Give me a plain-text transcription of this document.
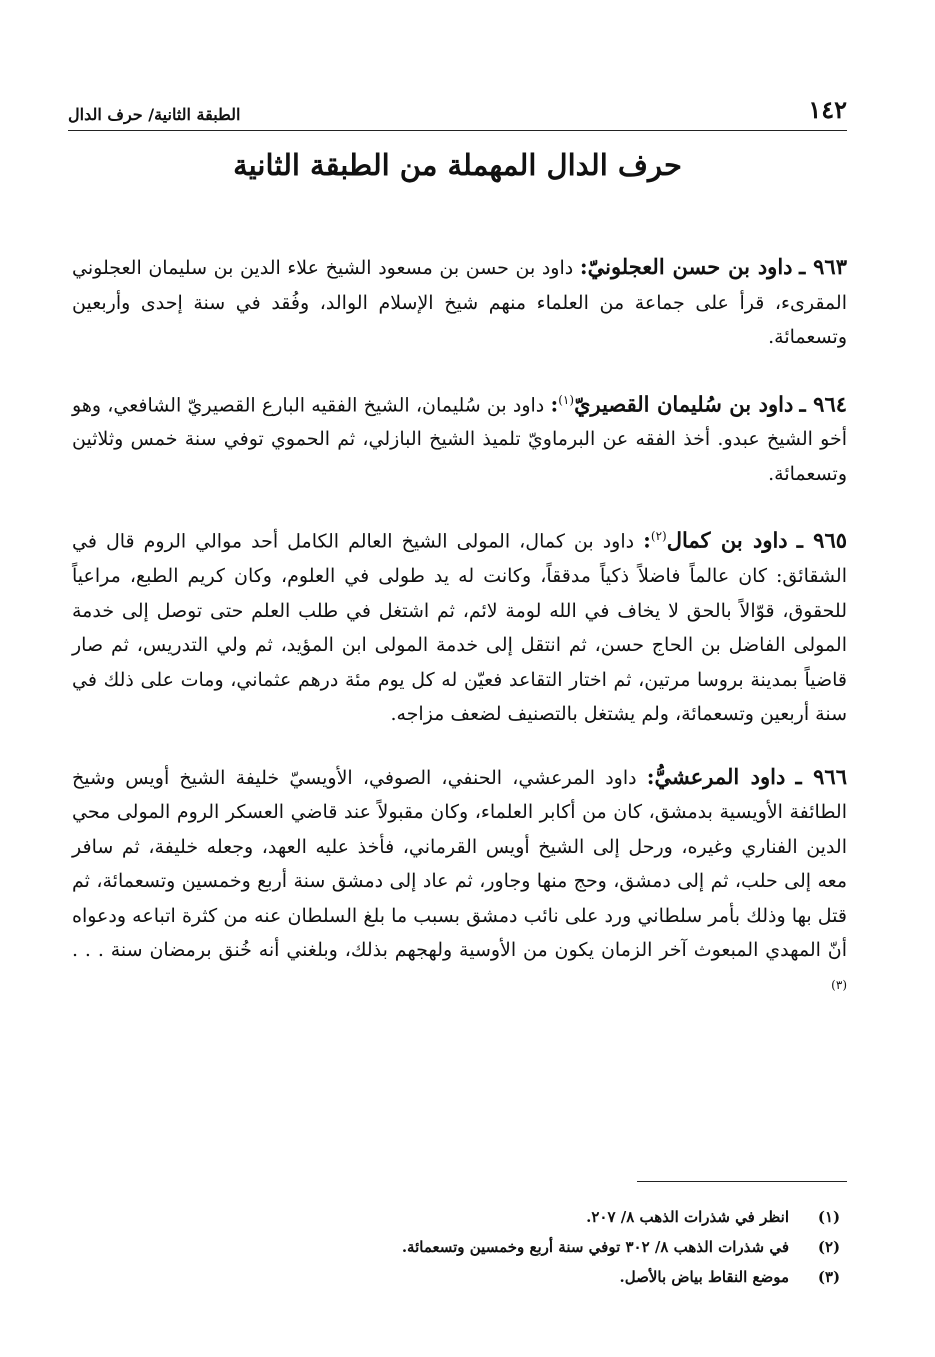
١٤٢
الطبقة الثانية/ حرف الدال
حرف الدال المهملة من الطبقة الثانية

٩٦٣ ـ داود بن حسن العجلونيّ: داود بن حسن بن مسعود الشيخ علاء الدين بن سليمان العجلوني المقرىء، قرأ على جماعة من العلماء منهم شيخ الإسلام الوالد، وفُقد في سنة إحدى وأربعين وتسعمائة.

٩٦٤ ـ داود بن سُليمان القصيريّ$^{(١)}$: داود بن سُليمان، الشيخ الفقيه البارع القصيريّ الشافعي، وهو أخو الشيخ عبدو. أخذ الفقه عن البرماويّ تلميذ الشيخ البازلي، ثم الحموي توفي سنة خمس وثلاثين وتسعمائة.

٩٦٥ ـ داود بن كمال$^{(٢)}$: داود بن كمال، المولى الشيخ العالم الكامل أحد موالي الروم قال في الشقائق: كان عالماً فاضلاً ذكياً مدققاً، وكانت له يد طولى في العلوم، وكان كريم الطبع، مراعياً للحقوق، قوّالاً بالحق لا يخاف في الله لومة لائم، ثم اشتغل في طلب العلم حتى توصل إلى خدمة المولى الفاضل بن الحاج حسن، ثم انتقل إلى خدمة المولى ابن المؤيد، ثم ولي التدريس، ثم صار قاضياً بمدينة بروسا مرتين، ثم اختار التقاعد فعيّن له كل يوم مئة درهم عثماني، ومات على ذلك في سنة أربعين وتسعمائة، ولم يشتغل بالتصنيف لضعف مزاجه.

٩٦٦ ـ داود المرعشيُّ: داود المرعشي، الحنفي، الصوفي، الأويسيّ خليفة الشيخ أويس وشيخ الطائفة الأويسية بدمشق، كان من أكابر العلماء، وكان مقبولاً عند قاضي العسكر الروم المولى محي الدين الفناري وغيره، ورحل إلى الشيخ أويس القرماني، فأخذ عليه العهد، وجعله خليفة، ثم سافر معه إلى حلب، ثم إلى دمشق، وحج منها وجاور، ثم عاد إلى دمشق سنة أربع وخمسين وتسعمائة، ثم قتل بها وذلك بأمر سلطاني ورد على نائب دمشق بسبب ما بلغ السلطان عنه من كثرة اتباعه ودعواه أنّ المهدي المبعوث آخر الزمان يكون من الأوسية ولهجهم بذلك، وبلغني أنه خُنق برمضان سنة . . .$^{(٣)}$

(١)
انظر في شذرات الذهب ٨/ ٢٠٧.
(٢)
في شذرات الذهب ٨/ ٣٠٢ توفي سنة أربع وخمسين وتسعمائة.
(٣)
موضع النقاط بياض بالأصل.
